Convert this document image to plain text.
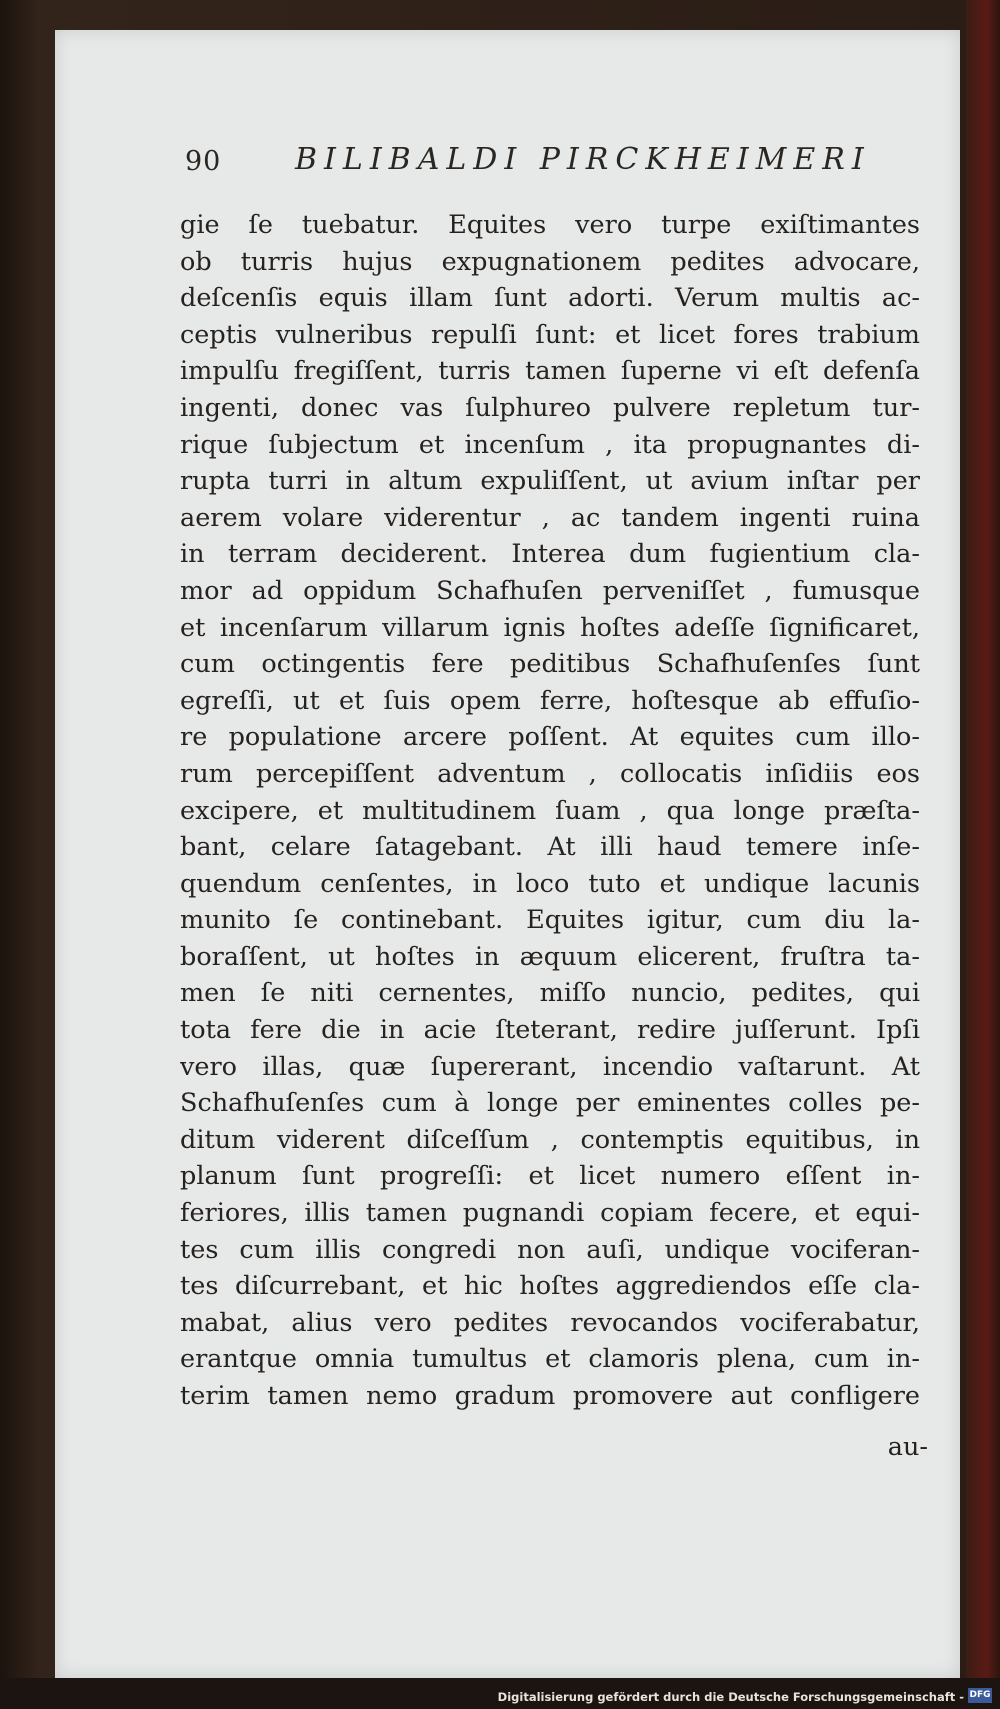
90 BILIBALDI PIRCKHEIMERI
gie ſe tuebatur. Equites vero turpe exiſtimantes
ob turris hujus expugnationem pedites advocare,
deſcenſis equis illam ſunt adorti. Verum multis ac-
ceptis vulneribus repulſi ſunt: et licet fores trabium
impulſu fregiſſent, turris tamen ſuperne vi eſt defenſa
ingenti, donec vas ſulphureo pulvere repletum tur-
rique ſubjectum et incenſum , ita propugnantes di-
rupta turri in altum expuliſſent, ut avium inſtar per
aerem volare viderentur , ac tandem ingenti ruina
in terram deciderent. Interea dum fugientium cla-
mor ad oppidum Schafhuſen perveniſſet , fumusque
et incenſarum villarum ignis hoſtes adeſſe ſignificaret,
cum octingentis fere peditibus Schafhuſenſes ſunt
egreſſi, ut et ſuis opem ferre, hoſtesque ab effuſio-
re populatione arcere poſſent. At equites cum illo-
rum percepiſſent adventum , collocatis inſidiis eos
excipere, et multitudinem ſuam , qua longe præſta-
bant, celare ſatagebant. At illi haud temere inſe-
quendum cenſentes, in loco tuto et undique lacunis
munito ſe continebant. Equites igitur, cum diu la-
boraſſent, ut hoſtes in æquum elicerent, fruſtra ta-
men ſe niti cernentes, miſſo nuncio, pedites, qui
tota fere die in acie ſteterant, redire juſſerunt. Ipſi
vero illas, quæ ſupererant, incendio vaſtarunt. At
Schafhuſenſes cum à longe per eminentes colles pe-
ditum viderent diſceſſum , contemptis equitibus, in
planum ſunt progreſſi: et licet numero eſſent in-
feriores, illis tamen pugnandi copiam fecere, et equi-
tes cum illis congredi non auſi, undique vociferan-
tes diſcurrebant, et hic hoſtes aggrediendos eſſe cla-
mabat, alius vero pedites revocandos vociferabatur,
erantque omnia tumultus et clamoris plena, cum in-
terim tamen nemo gradum promovere aut confligere
au-
Digitalisierung gefördert durch die Deutsche Forschungsgemeinschaft - DFG
